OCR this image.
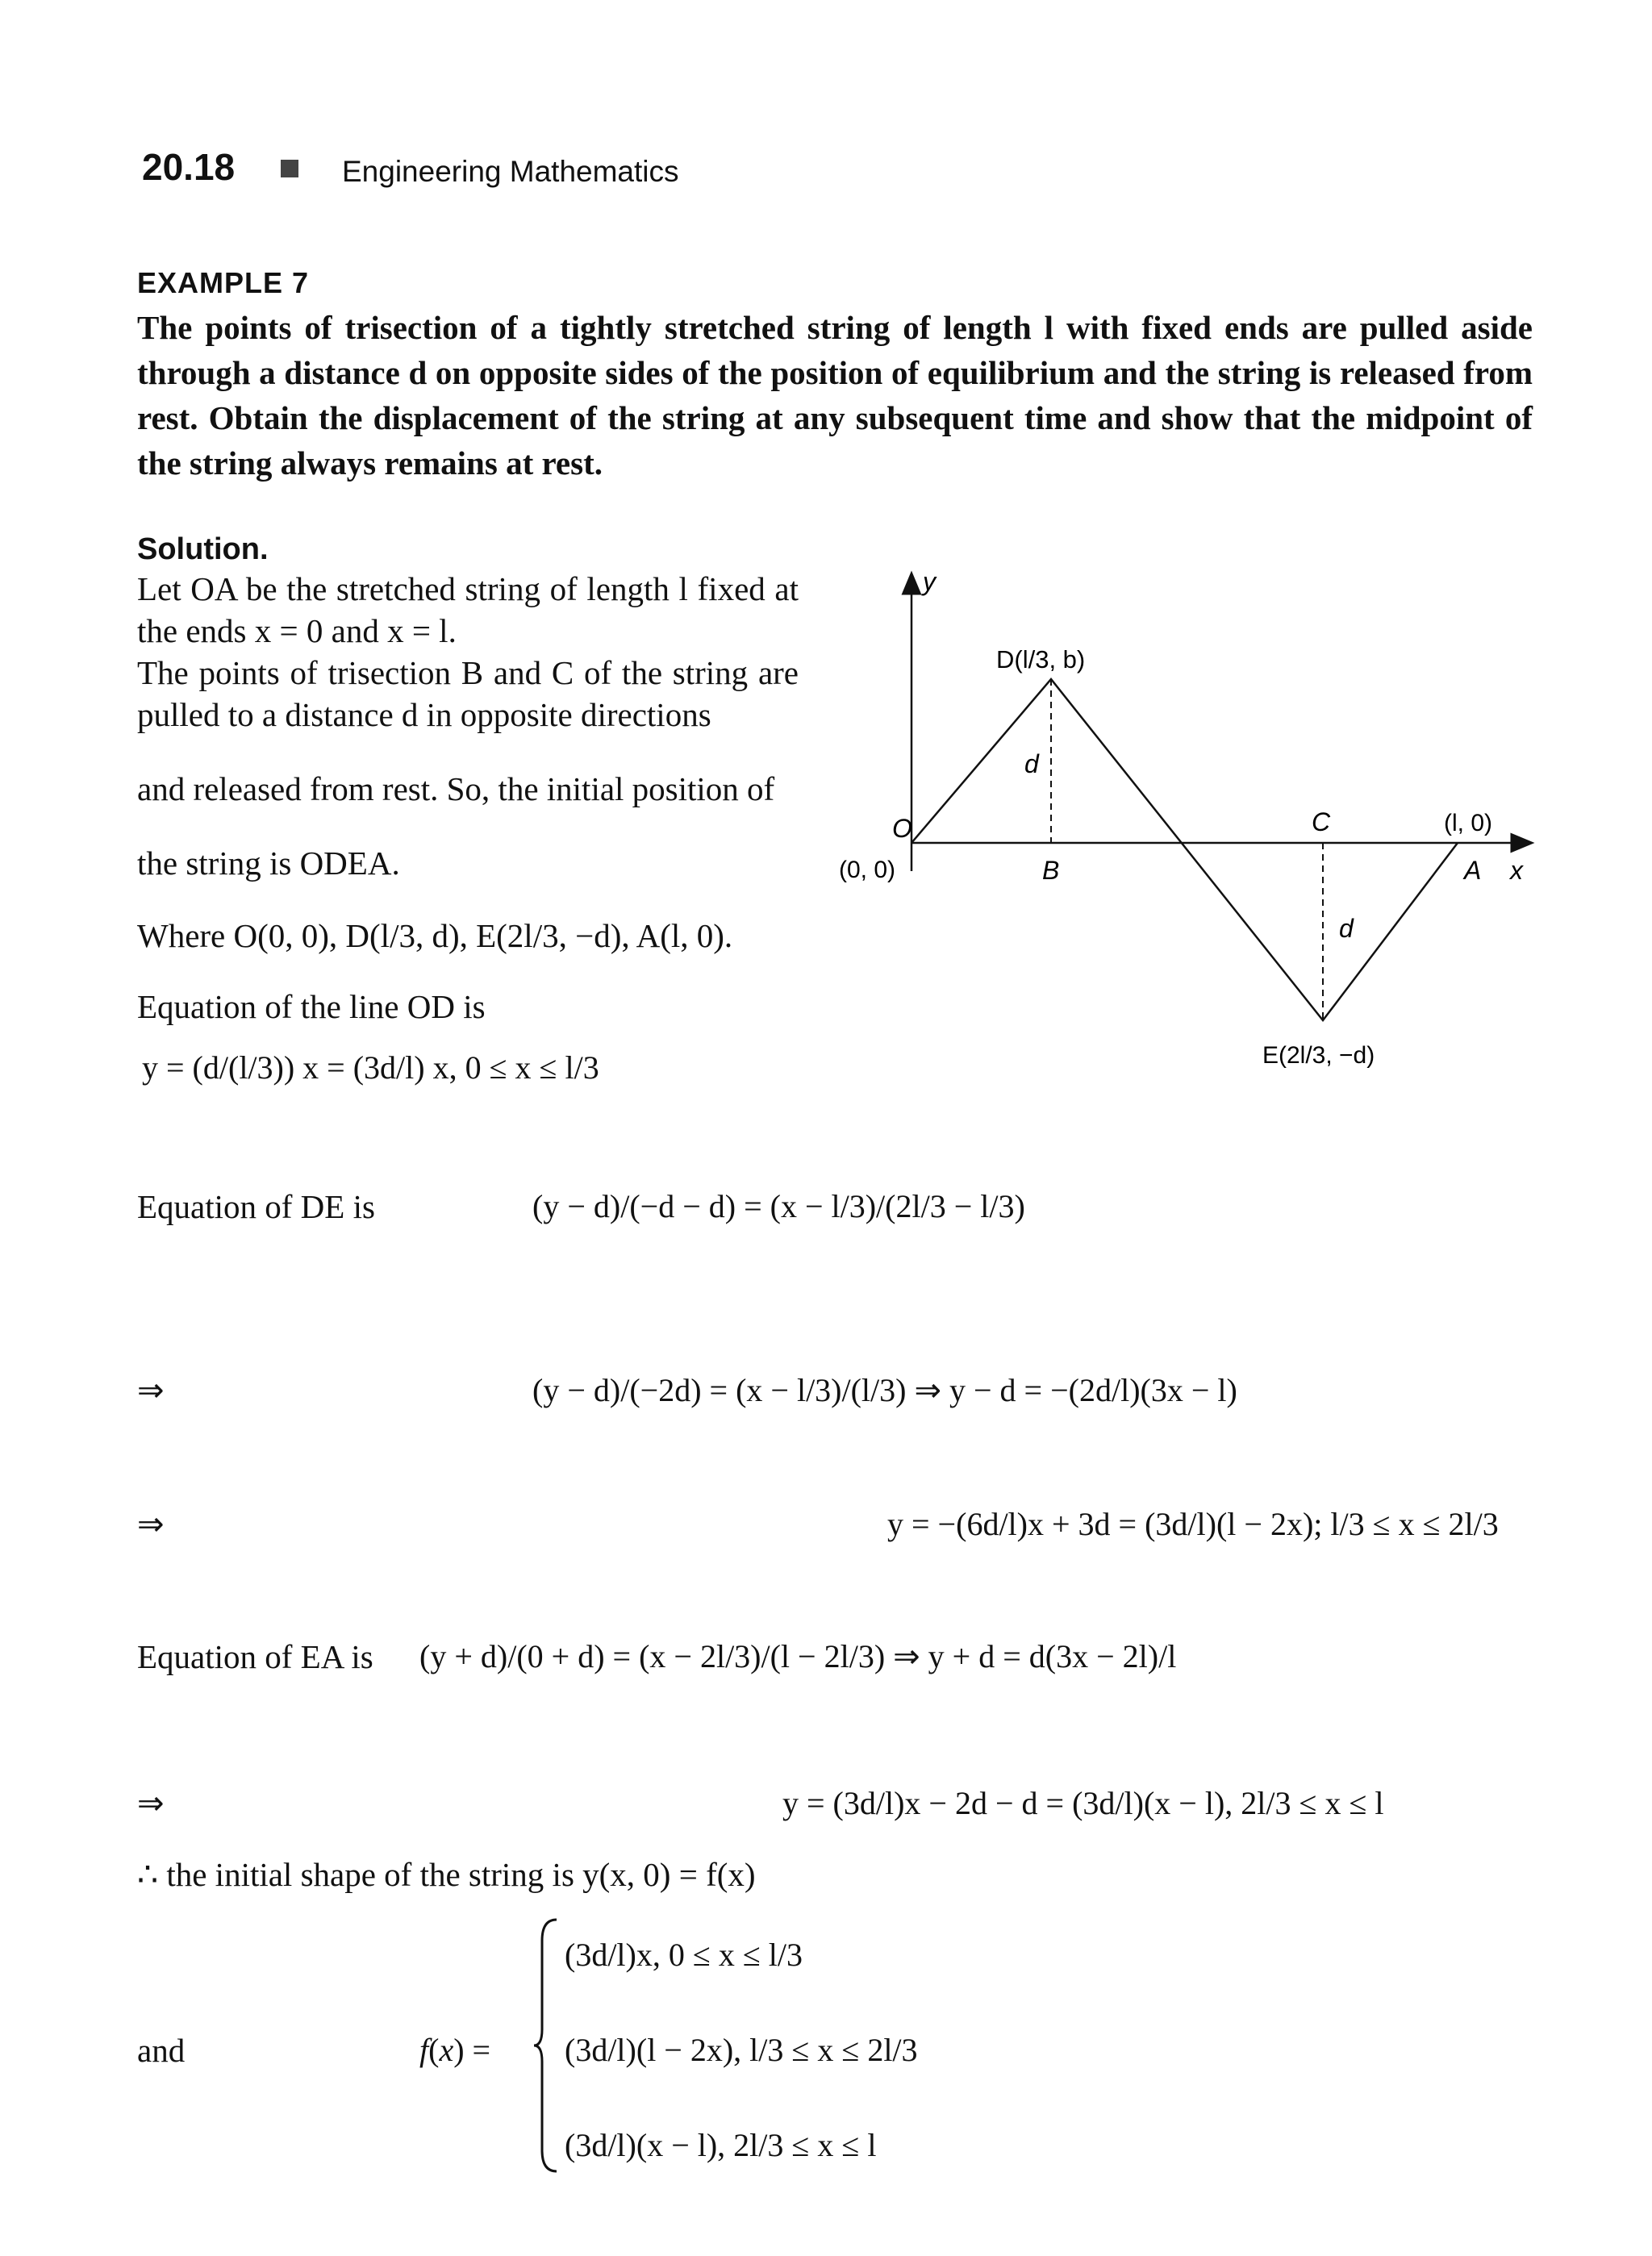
20.18	Engineering Mathematics
EXAMPLE 7
The points of trisection of a tightly stretched string of length l with fixed ends are pulled aside through a distance d on opposite sides of the position of equilibrium and the string is released from rest. Obtain the displacement of the string at any subsequent time and show that the midpoint of the string always remains at rest.
Solution.
Let OA be the stretched string of length l fixed at the ends x = 0 and x = l.
The points of trisection B and C of the string are pulled to a distance d in opposite directions
and released from rest. So, the initial position of
the string is ODEA.
Where O(0, 0), D(l/3, d), E(2l/3, −d), A(l, 0).
Equation of the line OD is
y = (d/(l/3)) x = (3d/l) x, 0 ≤ x ≤ l/3
Equation of DE is	(y − d)/(−d − d) = (x − l/3)/(2l/3 − l/3)
⇒	(y − d)/(−2d) = (x − l/3)/(l/3) ⇒ y − d = −(2d/l)(3x − l)
⇒	y = −(6d/l)x + 3d = (3d/l)(l − 2x); l/3 ≤ x ≤ 2l/3
Equation of EA is (y + d)/(0 + d) = (x − 2l/3)/(l − 2l/3) ⇒ y + d = d(3x − 2l)/l
⇒	y = (3d/l)x − 2d − d = (3d/l)(x − l), 2l/3 ≤ x ≤ l
∴ the initial shape of the string is y(x, 0) = f(x)
and	f(x) =
(3d/l)x, 0 ≤ x ≤ l/3
(3d/l)(l − 2x), l/3 ≤ x ≤ 2l/3
(3d/l)(x − l), 2l/3 ≤ x ≤ l
y
x
O
(0, 0)
D(l/3, b)
d
B
C
d
(l, 0)
A
E(2l/3, −d)
